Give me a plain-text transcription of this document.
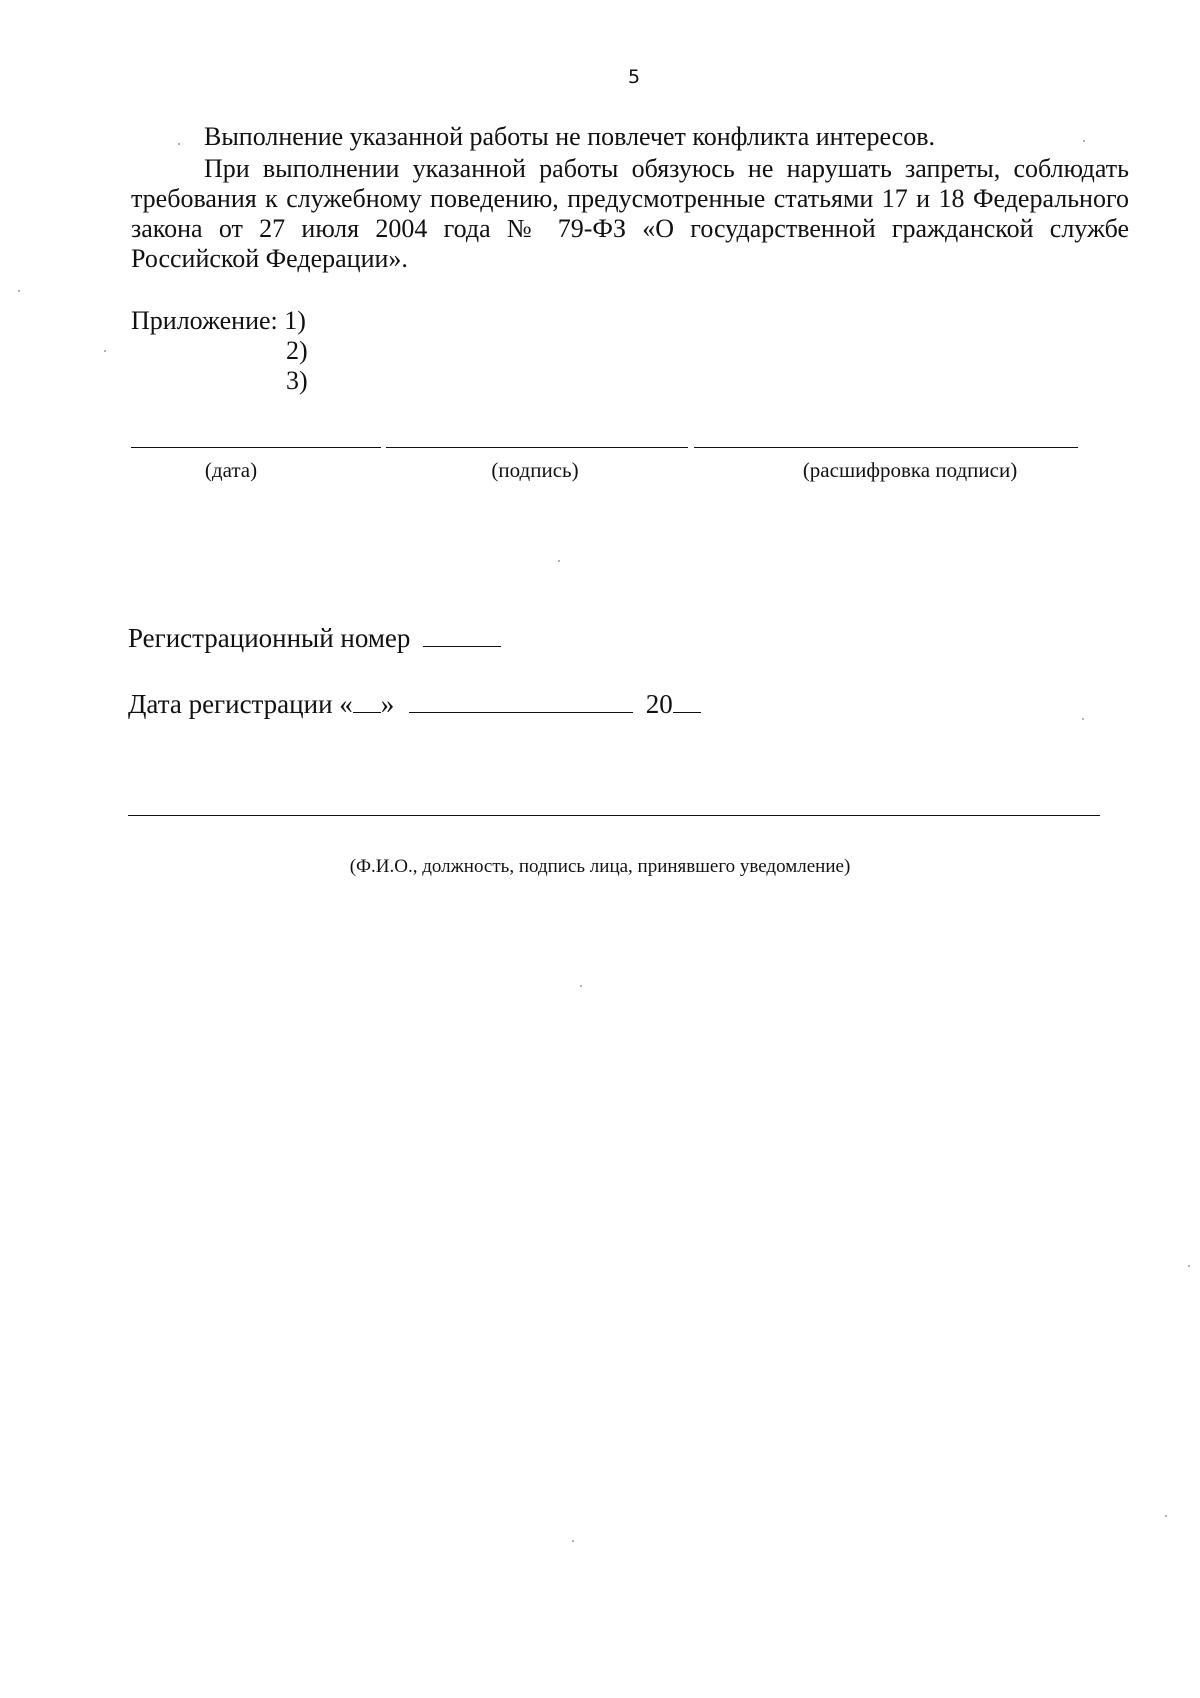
5
Выполнение указанной работы не повлечет конфликта интересов.
При выполнении указанной работы обязуюсь не нарушать запреты, соблюдать требования к служебному поведению, предусмотренные статьями 17 и 18 Федерального закона от 27 июля 2004 года № 79-ФЗ «О государственной гражданской службе Российской Федерации».
Приложение: 1)
2)
3)
(дата)	(подпись)	(расшифровка подписи)
Регистрационный номер
Дата регистрации « »	20
(Ф.И.О., должность, подпись лица, принявшего уведомление)
